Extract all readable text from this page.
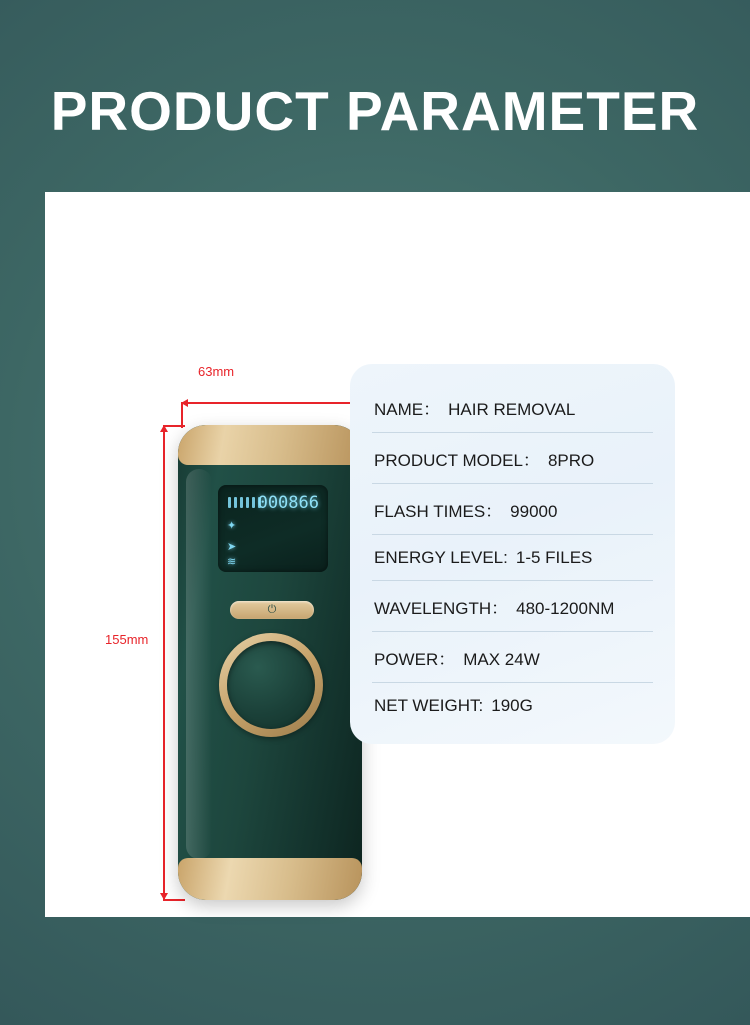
PRODUCT PARAMETER
63mm
155mm
000866
✦
➤
≋
⏻
NAME： HAIR REMOVAL
PRODUCT MODEL： 8PRO
FLASH TIMES： 99000
ENERGY LEVEL: 1-5 FILES
WAVELENGTH： 480-1200NM
POWER： MAX 24W
NET WEIGHT: 190G
